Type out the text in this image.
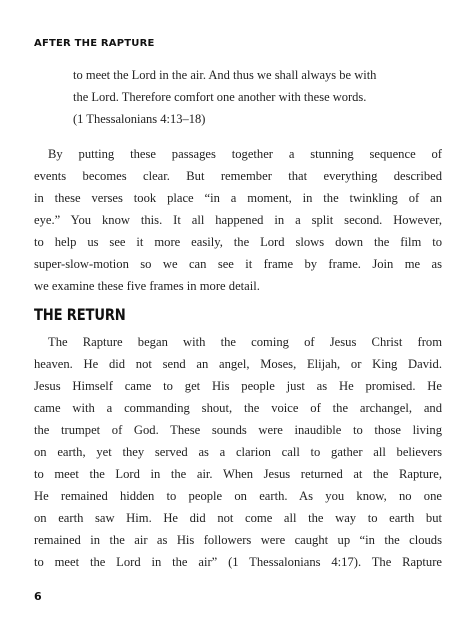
AFTER THE RAPTURE
to meet the Lord in the air. And thus we shall always be with
the Lord. Therefore comfort one another with these words.
(1 Thessalonians 4:13–18)
By putting these passages together a stunning sequence of
events becomes clear. But remember that everything described
in these verses took place “in a moment, in the twinkling of an
eye.” You know this. It all happened in a split second. However,
to help us see it more easily, the Lord slows down the film to
super-slow-motion so we can see it frame by frame. Join me as
we examine these five frames in more detail.
THE RETURN
The Rapture began with the coming of Jesus Christ from
heaven. He did not send an angel, Moses, Elijah, or King David.
Jesus Himself came to get His people just as He promised. He
came with a commanding shout, the voice of the archangel, and
the trumpet of God. These sounds were inaudible to those living
on earth, yet they served as a clarion call to gather all believers
to meet the Lord in the air. When Jesus returned at the Rapture,
He remained hidden to people on earth. As you know, no one
on earth saw Him. He did not come all the way to earth but
remained in the air as His followers were caught up “in the clouds
to meet the Lord in the air” (1 Thessalonians 4:17). The Rapture
6
